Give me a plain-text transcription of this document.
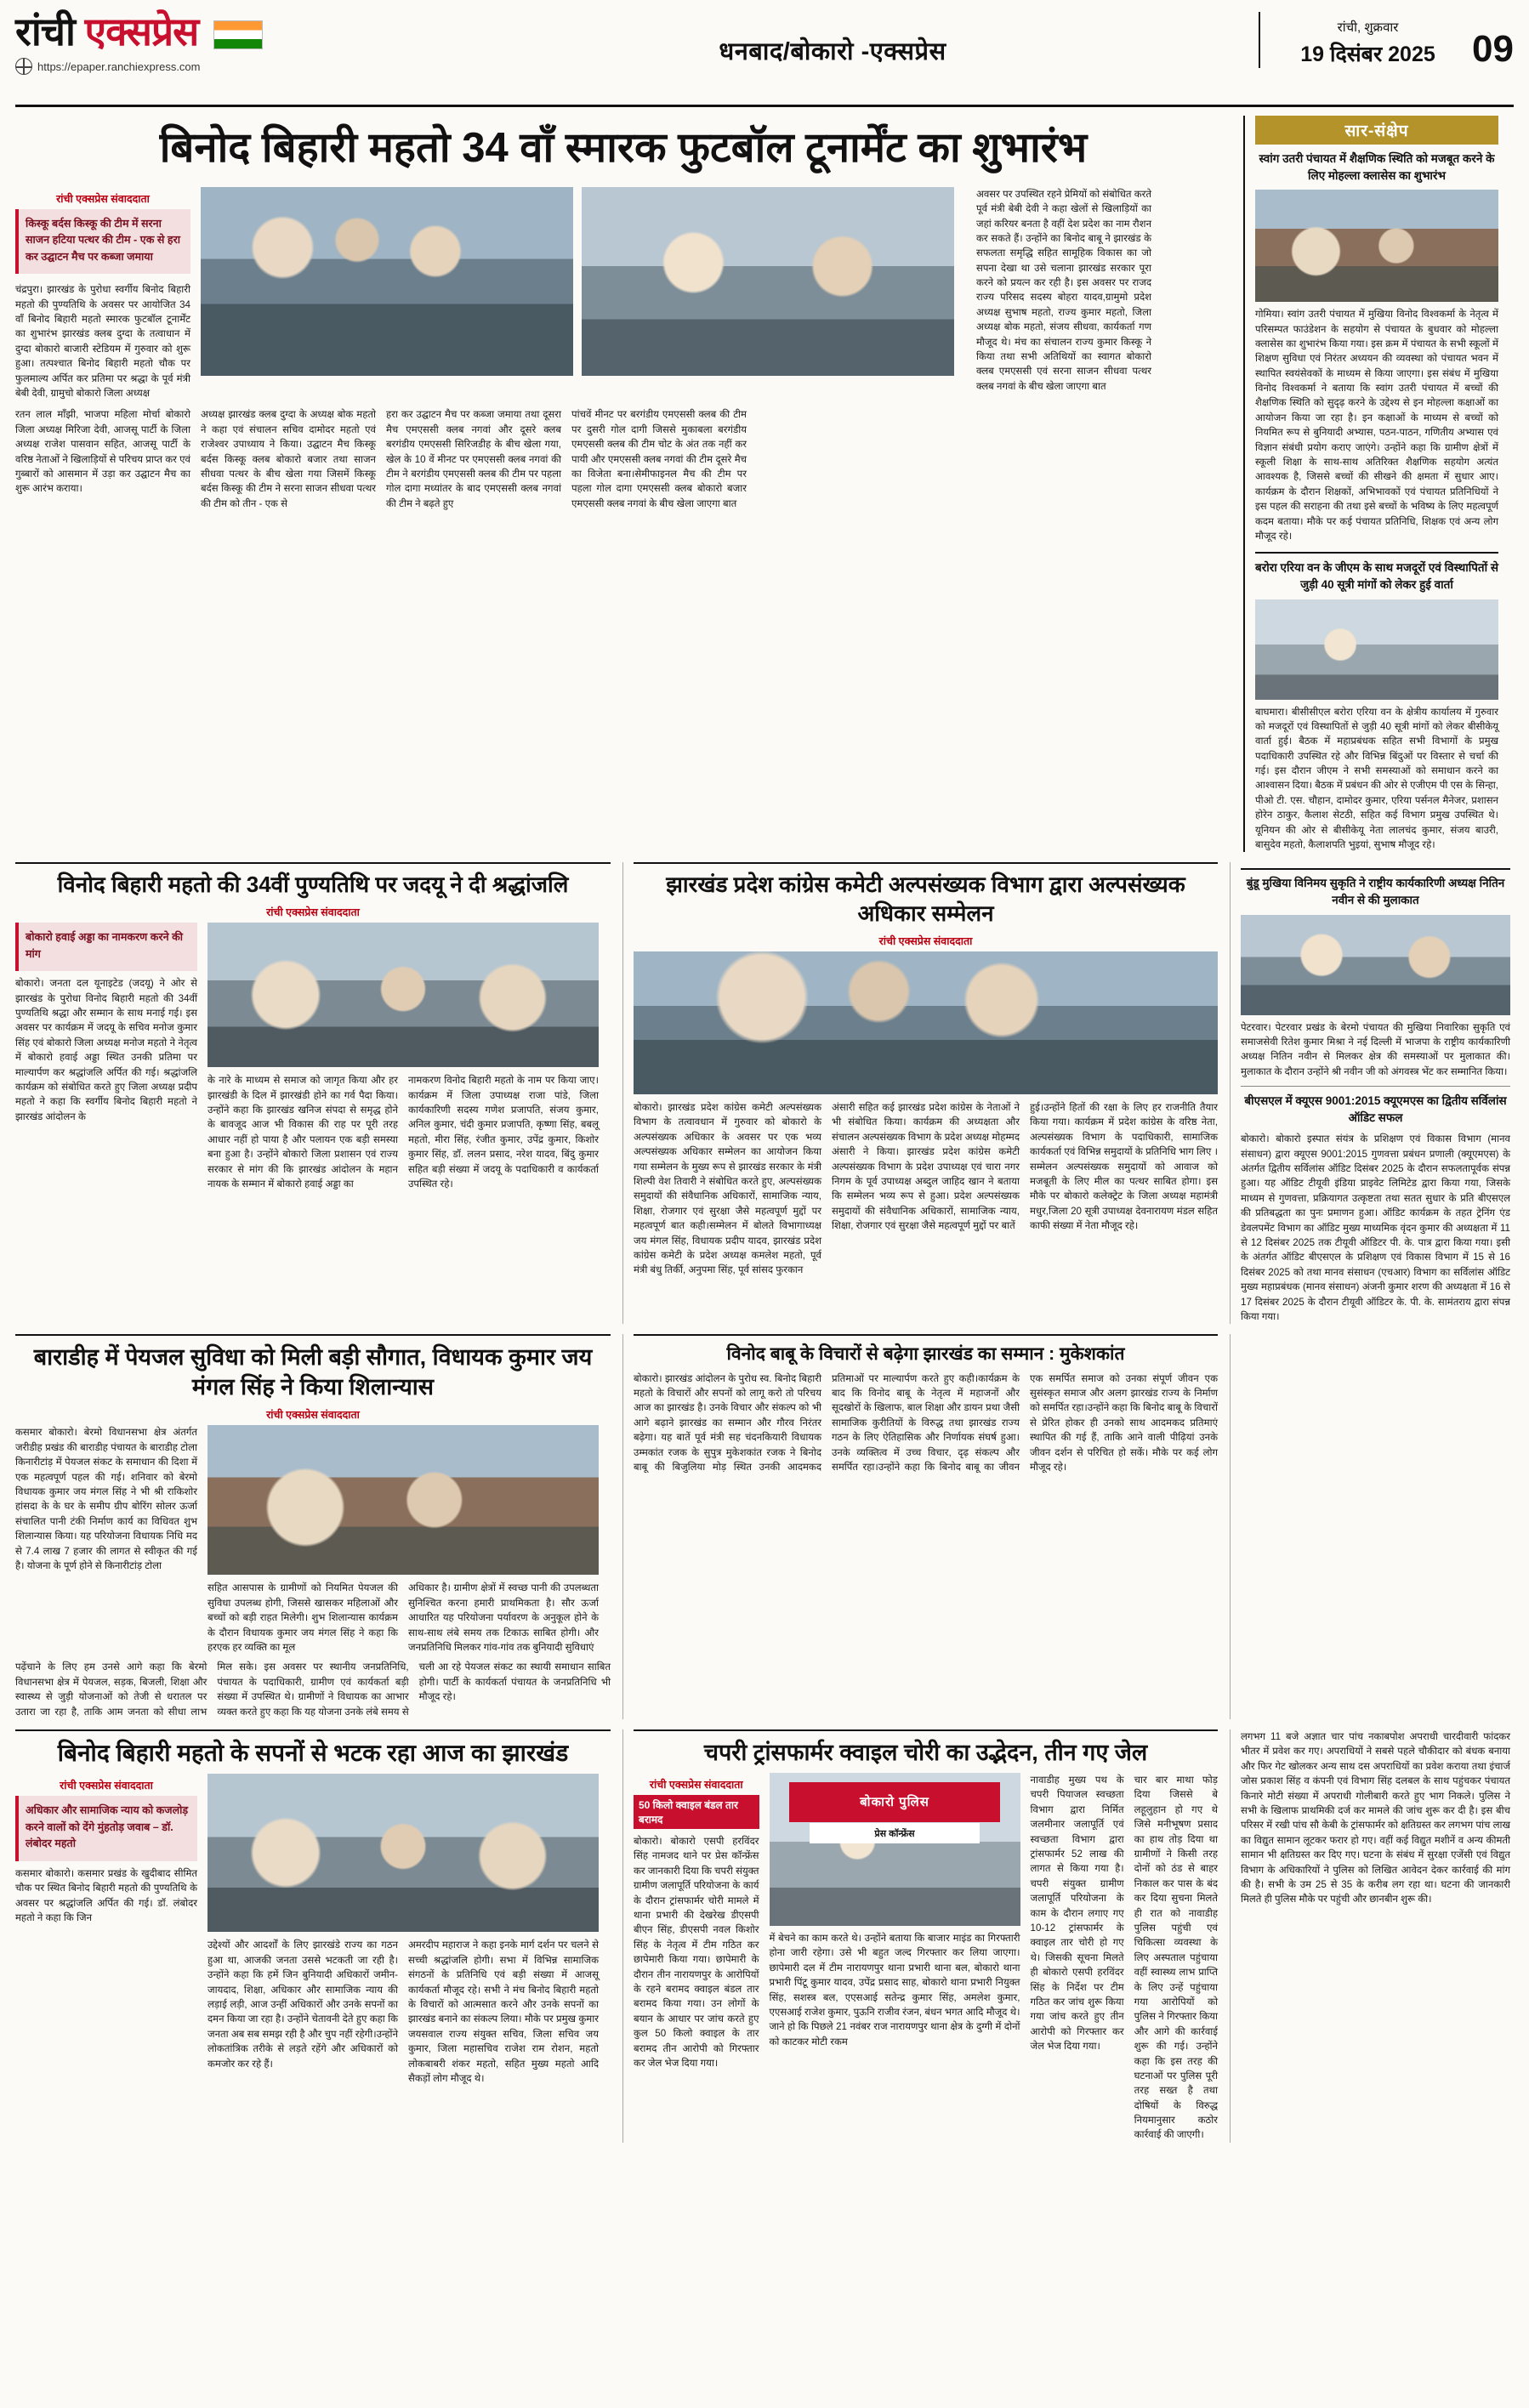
रांची एक्सप्रेस
https://epaper.ranchiexpress.com
धनबाद/बोकारो -एक्सप्रेस
रांची, शुक्रवार
19 दिसंबर 2025 09
बिनोद बिहारी महतो 34 वाँ स्मारक फुटबॉल टूनार्मेंट का शुभारंभ
रांची एक्सप्रेस संवाददाता
किस्कू बर्दस किस्कू की टीम में सरना साजन हटिया पत्थर की टीम - एक से हरा कर उद्घाटन मैच पर कब्जा जमाया
चंद्रपुरा। झारखंड के पुरोधा स्वर्गीय बिनोद बिहारी महतो की पुण्यतिथि के अवसर पर आयोजित 34 वाँ बिनोद बिहारी महतो स्मारक फुटबॉल टूनार्मेंट का शुभारंभ झारखंड क्लब दुग्दा के तत्वाधान में दुग्दा बोकारो बाजारी स्टेडियम में गुरुवार को शुरू हुआ। तत्पश्चात बिनोद बिहारी महतो चौक पर फुलमाल्य अर्पित कर प्रतिमा पर श्रद्धा के पूर्व मंत्री बेबी देवी, ग्रामुचो बोकारो जिला अध्यक्ष
अवसर पर उपस्थित रहने प्रेमियों को संबोधित करते पूर्व मंत्री बेबी देवी ने कहा खेलों से खिलाड़ियों का जहां करियर बनता है वहीं देश प्रदेश का नाम रौशन कर सकते हैं। उन्होंने का बिनोद बाबू ने झारखंड के सफलता समृद्धि सहित सामूहिक विकास का जो सपना देखा था उसे चलाना झारखंड सरकार पूरा करने को प्रयत्न कर रही है। इस अवसर पर राजद राज्य परिसद सदस्य बोहरा यादव,ग्रामुमो प्रदेश अध्यक्ष सुभाष महतो, राज्य कुमार महतो, जिला अध्यक्ष बोक महतो, संजय सीधवा, कार्यकर्ता गण मौजूद थे। मंच का संचालन राज्य कुमार किस्कू ने किया तथा सभी अतिथियों का स्वागत बोकारो क्लब एमएससी एवं सरना साजन सीधवा पत्थर क्लब नगवां के बीच खेला जाएगा बात
रतन लाल माँझी, भाजपा महिला मोर्चा बोकारो जिला अध्यक्ष मिरिजा देवी, आजसू पार्टी के जिला अध्यक्ष राजेश पासवान सहित, आजसू पार्टी के वरिष्ठ नेताओं ने खिलाड़ियों से परिचय प्राप्त कर एवं गुब्बारों को आसमान में उड़ा कर उद्घाटन मैच का शुरू आरंभ कराया।
अध्यक्ष झारखंड क्लब दुग्दा के अध्यक्ष बोक महतो ने कहा एवं संचालन सचिव दामोदर महतो एवं राजेश्वर उपाध्याय ने किया। उद्घाटन मैच किस्कू बर्दस किस्कू क्लब बोकारो बजार तथा साजन सीधवा पत्थर के बीच खेला गया जिसमें किस्कू बर्दस किस्कू की टीम ने सरना साजन सीधवा पत्थर की टीम को तीन - एक से
हरा कर उद्घाटन मैच पर कब्जा जमाया तथा दूसरा मैच एमएससी क्लब नगवां और दूसरे क्लब बरगंडीय एमएससी सिरिजडीह के बीच खेला गया, खेल के 10 वें मीनट पर एमएससी क्लब नगवां की टीम ने बरगंडीय एमएससी क्लब की टीम पर पहला गोल दागा मध्यांतर के बाद एमएससी क्लब नगवां की टीम ने बढ़ते हुए
पांचवें मीनट पर बरगंडीय एमएससी क्लब की टीम पर दुसरी गोल दागी जिससे मुकाबला बरगंडीय एमएससी क्लब की टीम चोट के अंत तक नहीं कर पायी और एमएससी क्लब नगवां की टीम दूसरे मैच का विजेता बना।सेमीफाइनल मैच की टीम पर पहला गोल दागा एमएससी क्लब बोकारो बजार एमएससी क्लब नगवां के बीच खेला जाएगा बात
सार-संक्षेप
स्वांग उतरी पंचायत में शैक्षणिक स्थिति को मजबूत करने के लिए मोहल्ला क्लासेस का शुभारंभ
गोमिया। स्वांग उतरी पंचायत में मुखिया विनोद विश्वकर्मा के नेतृत्व में परिसम्पत फाउंडेशन के सहयोग से पंचायत के बुधवार को मोहल्ला क्लासेस का शुभारंभ किया गया। इस क्रम में पंचायत के सभी स्कूलों में शिक्षण सुविधा एवं निरंतर अध्ययन की व्यवस्था को पंचायत भवन में स्थापित स्वयंसेवकों के माध्यम से किया जाएगा। इस संबंध में मुखिया विनोद विश्वकर्मा ने बताया कि स्वांग उतरी पंचायत में बच्चों की शैक्षणिक स्थिति को सुदृढ़ करने के उद्देश्य से इन मोहल्ला कक्षाओं का आयोजन किया जा रहा है। इन कक्षाओं के माध्यम से बच्चों को नियमित रूप से बुनियादी अभ्यास, पठन-पाठन, गणितीय अभ्यास एवं विज्ञान संबंधी प्रयोग कराए जाएंगे। उन्होंने कहा कि ग्रामीण क्षेत्रों में स्कूली शिक्षा के साथ-साथ अतिरिक्त शैक्षणिक सहयोग अत्यंत आवश्यक है, जिससे बच्चों की सीखने की क्षमता में सुधार आए। कार्यक्रम के दौरान शिक्षकों, अभिभावकों एवं पंचायत प्रतिनिधियों ने इस पहल की सराहना की तथा इसे बच्चों के भविष्य के लिए महत्वपूर्ण कदम बताया। मौके पर कई पंचायत प्रतिनिधि, शिक्षक एवं अन्य लोग मौजूद रहे।
बरोरा एरिया वन के जीएम के साथ मजदूरों एवं विस्थापितों से जुड़ी 40 सूत्री मांगों को लेकर हुई वार्ता
बाघमारा। बीसीसीएल बरोरा एरिया वन के क्षेत्रीय कार्यालय में गुरुवार को मजदूरों एवं विस्थापितों से जुड़ी 40 सूत्री मांगों को लेकर बीसीकेयू वार्ता हुई। बैठक में महाप्रबंधक सहित सभी विभागों के प्रमुख पदाधिकारी उपस्थित रहे और विभिन्न बिंदुओं पर विस्तार से चर्चा की गई। इस दौरान जीएम ने सभी समस्याओं को समाधान करने का आश्वासन दिया। बैठक में प्रबंधन की ओर से एजीएम पी एस के सिन्हा, पीओ टी. एस. चौहान, दामोदर कुमार, एरिया पर्सनल मैनेजर, प्रशासन होरेन ठाकुर, कैलाश सेटठी, सहित कई विभाग प्रमुख उपस्थित थे। यूनियन की ओर से बीसीकेयू नेता लालचंद कुमार, संजय बाउरी, बासुदेव महतो, कैलाशपति भुइयां, सुभाष मौजूद रहे।
विनोद बिहारी महतो की 34वीं पुण्यतिथि पर जदयू ने दी श्रद्धांजलि
रांची एक्सप्रेस संवाददाता
बोकारो हवाई अड्डा का नामकरण करने की मांग
बोकारो। जनता दल यूनाइटेड (जदयू) ने ओर से झारखंड के पुरोधा विनोद बिहारी महतो की 34वीं पुण्यतिथि श्रद्धा और सम्मान के साथ मनाई गई। इस अवसर पर कार्यक्रम में जदयू के सचिव मनोज कुमार सिंह एवं बोकारो जिला अध्यक्ष मनोज महतो ने नेतृत्व में बोकारो हवाई अड्डा स्थित उनकी प्रतिमा पर माल्यार्पण कर श्रद्धांजलि अर्पित की गई। श्रद्धांजलि कार्यक्रम को संबोधित करते हुए जिला अध्यक्ष प्रदीप महतो ने कहा कि स्वर्गीय बिनोद बिहारी महतो ने झारखंड आंदोलन के
के नारे के माध्यम से समाज को जागृत किया और हर झारखंडी के दिल में झारखंडी होने का गर्व पैदा किया। उन्होंने कहा कि झारखंड खनिज संपदा से समृद्ध होने के बावजूद आज भी विकास की राह पर पूरी तरह आधार नहीं हो पाया है और पलायन एक बड़ी समस्या बना हुआ है। उन्होंने बोकारो जिला प्रशासन एवं राज्य सरकार से मांग की कि झारखंड आंदोलन के महान नायक के सम्मान में बोकारो हवाई अड्डा का
नामकरण विनोद बिहारी महतो के नाम पर किया जाए। कार्यक्रम में जिला उपाध्यक्ष राजा पांडे, जिला कार्यकारिणी सदस्य गणेश प्रजापति, संजय कुमार, अनिल कुमार, चंदी कुमार प्रजापति, कृष्णा सिंह, बबलू महतो, मीरा सिंह, रंजीत कुमार, उपेंद्र कुमार, किशोर कुमार सिंह, डॉ. ललन प्रसाद, नरेश यादव, बिंदु कुमार सहित बड़ी संख्या में जदयू के पदाधिकारी व कार्यकर्ता उपस्थित रहे।
झारखंड प्रदेश कांग्रेस कमेटी अल्पसंख्यक विभाग द्वारा अल्पसंख्यक अधिकार सम्मेलन
रांची एक्सप्रेस संवाददाता
बोकारो। झारखंड प्रदेश कांग्रेस कमेटी अल्पसंख्यक विभाग के तत्वावधान में गुरुवार को बोकारो के अल्पसंख्यक अधिकार के अवसर पर एक भव्य अल्पसंख्यक अधिकार सम्मेलन का आयोजन किया गया सम्मेलन के मुख्य रूप से झारखंड सरकार के मंत्री शिल्पी वेश तिवारी ने संबोधित करते हुए, अल्पसंख्यक समुदायों की संवैधानिक अधिकारों, सामाजिक न्याय, शिक्षा, रोजगार एवं सुरक्षा जैसे महत्वपूर्ण मुद्दों पर महत्वपूर्ण बात कही।सम्मेलन में बोलते विभागाध्यक्ष जय मंगल सिंह, विधायक प्रदीप यादव, झारखंड प्रदेश कांग्रेस कमेटी के प्रदेश अध्यक्ष कमलेश महतो, पूर्व मंत्री बंधु तिर्की, अनुपमा सिंह, पूर्व सांसद फुरकान
अंसारी सहित कई झारखंड प्रदेश कांग्रेस के नेताओं ने भी संबोधित किया। कार्यक्रम की अध्यक्षता और संचालन अल्पसंख्यक विभाग के प्रदेश अध्यक्ष मोहम्मद अंसारी ने किया। झारखंड प्रदेश कांग्रेस कमेटी अल्पसंख्यक विभाग के प्रदेश उपाध्यक्ष एवं चारा नगर निगम के पूर्व उपाध्यक्ष अब्दुल जाहिद खान ने बताया कि सम्मेलन भव्य रूप से हुआ। प्रदेश अल्पसंख्यक समुदायों की संवैधानिक अधिकारों, सामाजिक न्याय, शिक्षा, रोजगार एवं सुरक्षा जैसे महत्वपूर्ण मुद्दों पर बातें
हुई।उन्होंने हितों की रक्षा के लिए हर राजनीति तैयार किया गया। कार्यक्रम में प्रदेश कांग्रेस के वरिष्ठ नेता, अल्पसंख्यक विभाग के पदाधिकारी, सामाजिक कार्यकर्ता एवं विभिन्न समुदायों के प्रतिनिधि भाग लिए । सम्मेलन अल्पसंख्यक समुदायों को आवाज को मजबूती के लिए मील का पत्थर साबित होगा। इस मौके पर बोकारो कलेक्ट्रेट के जिला अध्यक्ष महामंत्री मधुर,जिला 20 सूत्री उपाध्यक्ष देवनारायण मंडल सहित काफी संख्या में नेता मौजूद रहे।
बुंडू मुखिया विनिमय सुकृति ने राष्ट्रीय कार्यकारिणी अध्यक्ष नितिन नवीन से की मुलाकात
पेटरवार। पेटरवार प्रखंड के बेरमो पंचायत की मुखिया निवारिका सुकृति एवं समाजसेवी रितेश कुमार मिश्रा ने नई दिल्ली में भाजपा के राष्ट्रीय कार्यकारिणी अध्यक्ष नितिन नवीन से मिलकर क्षेत्र की समस्याओं पर मुलाकात की। मुलाकात के दौरान उन्होंने श्री नवीन जी को अंगवस्त्र भेंट कर सम्मानित किया।
बीएसएल में क्यूएस 9001:2015 क्यूएमएस का द्वितीय सर्विलांस ऑडिट सफल
बोकारो। बोकारो इस्पात संयंत्र के प्रशिक्षण एवं विकास विभाग (मानव संसाधन) द्वारा क्यूएस 9001:2015 गुणवत्ता प्रबंधन प्रणाली (क्यूएमएस) के अंतर्गत द्वितीय सर्विलांस ऑडिट दिसंबर 2025 के दौरान सफलतापूर्वक संपन्न हुआ। यह ऑडिट टीयूवी इंडिया प्राइवेट लिमिटेड द्वारा किया गया, जिसके माध्यम से गुणवत्ता, प्रक्रियागत उत्कृष्टता तथा सतत सुधार के प्रति बीएसएल की प्रतिबद्धता का पुनः प्रमाणन हुआ। ऑडिट कार्यक्रम के तहत ट्रेनिंग एंड डेवलपमेंट विभाग का ऑडिट मुख्य माध्यमिक वृंदन कुमार की अध्यक्षता में 11 से 12 दिसंबर 2025 तक टीयूवी ऑडिटर पी. के. पात्र द्वारा किया गया। इसी के अंतर्गत ऑडिट बीएसएल के प्रशिक्षण एवं विकास विभाग में 15 से 16 दिसंबर 2025 को तथा मानव संसाधन (एचआर) विभाग का सर्विलांस ऑडिट मुख्य महाप्रबंधक (मानव संसाधन) अंजनी कुमार शरण की अध्यक्षता में 16 से 17 दिसंबर 2025 के दौरान टीयूवी ऑडिटर के. पी. के. सामंतराय द्वारा संपन्न किया गया।
बाराडीह में पेयजल सुविधा को मिली बड़ी सौगात, विधायक कुमार जय मंगल सिंह ने किया शिलान्यास
रांची एक्सप्रेस संवाददाता
कसमार बोकारो। बेरमो विधानसभा क्षेत्र अंतर्गत जरीडीह प्रखंड की बाराडीह पंचायत के बाराडीह टोला किनारीटांड़ में पेयजल संकट के समाधान की दिशा में एक महत्वपूर्ण पहल की गई। शनिवार को बेरमो विधायक कुमार जय मंगल सिंह ने भी श्री राकिशोर हांसदा के के घर के समीप ग्रीप बोरिंग सोलर ऊर्जा संचालित पानी टंकी निर्माण कार्य का विधिवत शुभ शिलान्यास किया। यह परियोजना विधायक निधि मद से 7.4 लाख 7 हजार की लागत से स्वीकृत की गई है। योजना के पूर्ण होने से किनारीटांड़ टोला
सहित आसपास के ग्रामीणों को नियमित पेयजल की सुविधा उपलब्ध होगी, जिससे खासकर महिलाओं और बच्चों को बड़ी राहत मिलेगी। शुभ शिलान्यास कार्यक्रम के दौरान विधायक कुमार जय मंगल सिंह ने कहा कि हरएक हर व्यक्ति का मूल
अधिकार है। ग्रामीण क्षेत्रों में स्वच्छ पानी की उपलब्धता सुनिश्चित करना हमारी प्राथमिकता है। सौर ऊर्जा आधारित यह परियोजना पर्यावरण के अनुकूल होने के साथ-साथ लंबे समय तक टिकाऊ साबित होगी। और जनप्रतिनिधि मिलकर गांव-गांव तक बुनियादी सुविधाएं
पढ़ेंचाने के लिए हम उनसे आगे कहा कि बेरमो विधानसभा क्षेत्र में पेयजल, सड़क, बिजली, शिक्षा और स्वास्थ्य से जुड़ी योजनाओं को तेजी से धरातल पर उतारा जा रहा है, ताकि आम जनता को सीधा लाभ मिल सके। इस अवसर पर स्थानीय जनप्रतिनिधि, पंचायत के पदाधिकारी, ग्रामीण एवं कार्यकर्ता बड़ी संख्या में उपस्थित थे। ग्रामीणों ने विधायक का आभार व्यक्त करते हुए कहा कि यह योजना उनके लंबे समय से चली आ रहे पेयजल संकट का स्थायी समाधान साबित होगी। पार्टी के कार्यकर्ता पंचायत के जनप्रतिनिधि भी मौजूद रहे।
विनोद बाबू के विचारों से बढ़ेगा झारखंड का सम्मान : मुकेशकांत
बोकारो। झारखंड आंदोलन के पुरोध स्व. बिनोद बिहारी महतो के विचारों और सपनों को लागू करो तो परिचय आज का झारखंड है। उनके विचार और संकल्प को भी आगे बढ़ाने झारखंड का सम्मान और गौरव निरंतर बढ़ेगा। यह बातें पूर्व मंत्री सह चंदनकियारी विधायक उम्मकांत रजक के सुपुत्र मुकेशकांत रजक ने बिनोद बाबू की बिजुलिया मोड़ स्थित उनकी आदमकद प्रतिमाओं पर माल्यार्पण करते हुए कही।कार्यक्रम के बाद कि विनोद बाबू के नेतृत्व में महाजनों और सूदखोरों के खिलाफ, बाल शिक्षा और डायन प्रथा जैसी सामाजिक कुरीतियों के विरुद्ध तथा झारखंड राज्य गठन के लिए ऐतिहासिक और निर्णायक संघर्ष हुआ। उनके व्यक्तित्व में उच्च विचार, दृढ़ संकल्प और समर्पित रहा।उन्होंने कहा कि बिनोद बाबू का जीवन एक समर्पित समाज को उनका संपूर्ण जीवन एक सुसंस्कृत समाज और अलग झारखंड राज्य के निर्माण को समर्पित रहा।उन्होंने कहा कि बिनोद बाबू के विचारों से प्रेरित होकर ही उनको साथ आदमकद प्रतिमाएं स्थापित की गई हैं, ताकि आने वाली पीढ़ियां उनके जीवन दर्शन से परिचित हो सकें। मौके पर कई लोग मौजूद रहे।
बिनोद बिहारी महतो के सपनों से भटक रहा आज का झारखंड
रांची एक्सप्रेस संवाददाता
अधिकार और सामाजिक न्याय को कजलोड़ करने वालों को देंगे मुंहतोड़ जवाब – डॉ. लंबोदर महतो
कसमार बोकारो। कसमार प्रखंड के खुदीबाद सीमित चौक पर स्थित बिनोद बिहारी महतो की पुण्यतिथि के अवसर पर श्रद्धांजलि अर्पित की गई। डॉ. लंबोदर महतो ने कहा कि जिन
उद्देश्यों और आदर्शों के लिए झारखंडे राज्य का गठन हुआ था, आजकी जनता उससे भटकती जा रही है। उन्होंने कहा कि हमें जिन बुनियादी अधिकारों जमीन-जायदाद, शिक्षा, अधिकार और सामाजिक न्याय की लड़ाई लड़ी, आज उन्हीं अधिकारों और उनके सपनों का दमन किया जा रहा है। उन्होंने चेतावनी देते हुए कहा कि जनता अब सब समझ रही है और चुप नहीं रहेगी।उन्होंने लोकतांत्रिक तरीके से लड़ते रहेंगे और अधिकारों को कमजोर कर रहे हैं।
अमरदीप महाराज ने कहा इनके मार्ग दर्शन पर चलने से सच्ची श्रद्धांजलि होगी। सभा में विभिन्न सामाजिक संगठनों के प्रतिनिधि एवं बड़ी संख्या में आजसू कार्यकर्ता मौजूद रहे। सभी ने मंच बिनोद बिहारी महतो के विचारों को आत्मसात करने और उनके सपनों का झारखंड बनाने का संकल्प लिया। मौके पर प्रमुख कुमार जयसवाल राज्य संयुक्त सचिव, जिला सचिव जय कुमार, जिला महासचिव राजेश राम रोशन, महतो लोकबाबरी शंकर महतो, सहित मुख्य महतो आदि सैकड़ों लोग मौजूद थे।
चपरी ट्रांसफार्मर क्वाइल चोरी का उद्भेदन, तीन गए जेल
रांची एक्सप्रेस संवाददाता
50 किलो क्वाइल बंडल तार बरामद
बोकारो। बोकारो एसपी हरविंदर सिंह नामजद थाने पर प्रेस कॉन्फ्रेंस कर जानकारी दिया कि चपरी संयुक्त ग्रामीण जलापूर्ति परियोजना के कार्य के दौरान ट्रांसफार्मर चोरी मामले में थाना प्रभारी की देखरेख डीएसपी बीएन सिंह, डीएसपी नवल किशोर सिंह के नेतृत्व में टीम गठित कर छापेमारी किया गया। छापेमारी के दौरान तीन नारायणपुर के आरोपियों के रहने बरामद क्वाइल बंडल तार बरामद किया गया। उन लोगों के बयान के आधार पर जांच करते हुए कुल 50 किलो क्वाइल के तार बरामद तीन आरोपी को गिरफ्तार कर जेल भेज दिया गया।
बोकारो पुलिस
प्रेस कॉन्फ्रेंस
में बेचने का काम करते थे। उन्होंने बताया कि बाजार माइंड का गिरफ्तारी होना जारी रहेगा। उसे भी बहुत जल्द गिरफ्तार कर लिया जाएगा। छापेमारी दल में टीम नारायणपुर थाना प्रभारी थाना बल, बोकारो थाना प्रभारी पिंटू कुमार यादव, उपेंद्र प्रसाद साह, बोकारो थाना प्रभारी नियुक्त सिंह, सशस्त्र बल, एएसआई सतेन्द्र कुमार सिंह, अमलेश कुमार, एएसआई राजेश कुमार, पुऊनि राजीव रंजन, बंधन भगत आदि मौजूद थे। जाने हो कि पिछले 21 नवंबर राज नारायणपुर थाना क्षेत्र के दुग्गी में दोनों को काटकर मोटी रकम
नावाडीह मुख्य पथ के चपरी पियाजल स्वच्छता विभाग द्वारा निर्मित जलमीनार जलापूर्ति एवं स्वच्छता विभाग द्वारा ट्रांसफार्मर 52 लाख की लागत से किया गया है। चपरी संयुक्त ग्रामीण जलापूर्ति परियोजना के काम के दौरान लगाए गए 10-12 ट्रांसफार्मर के क्वाइल तार चोरी हो गए थे। जिसकी सूचना मिलते ही बोकारो एसपी हरविंदर सिंह के निर्देश पर टीम गठित कर जांच शुरू किया गया जांच करते हुए तीन आरोपी को गिरफ्तार कर जेल भेज दिया गया।
चार बार माथा फोड़ दिया जिससे बे लहूलुहान हो गए थे जिसे मनीभूषण प्रसाद का हाथ तोड़ दिया था ग्रामीणों ने किसी तरह दोनों को ठंड से बाहर निकाल कर पास के बंद कर दिया सुचना मिलते ही रात को नावाडीह पुलिस पहुंची एवं चिकित्सा व्यवस्था के लिए अस्पताल पहुंचाया वहीं स्वास्थ्य लाभ प्राप्ति के लिए उन्हें पहुंचाया गया आरोपियों को पुलिस ने गिरफ्तार किया और आगे की कार्रवाई शुरू की गई। उन्होंने कहा कि इस तरह की घटनाओं पर पुलिस पूरी तरह सख्त है तथा दोषियों के विरुद्ध नियमानुसार कठोर कार्रवाई की जाएगी।
लगभग 11 बजे अज्ञात चार पांच नकाबपोश अपराधी चारदीवारी फांदकर भीतर में प्रवेश कर गए। अपराधियों ने सबसे पहले चौकीदार को बंधक बनाया और फिर गेट खोलकर अन्य साथ दस अपराधियों का प्रवेश कराया तथा इंचार्ज जोस प्रकाश सिंह व कंपनी एवं विभाग सिंह दलबल के साथ पहुंचकर पंचायत किनारे मोटी संख्या में अपराधी गोलीबारी करते हुए भाग निकले। पुलिस ने सभी के खिलाफ प्राथमिकी दर्ज कर मामले की जांच शुरू कर दी है। इस बीच परिसर में रखी पांच सौ केबी के ट्रांसफार्मर को क्षतिग्रस्त कर लगभग पांच लाख का विद्युत सामान लूटकर फरार हो गए। वहीं कई विद्युत मशीनें व अन्य कीमती सामान भी क्षतिग्रस्त कर दिए गए। घटना के संबंध में सुरक्षा एजेंसी एवं विद्युत विभाग के अधिकारियों ने पुलिस को लिखित आवेदन देकर कार्रवाई की मांग की है। सभी के उम 25 से 35 के करीब लग रहा था। घटना की जानकारी मिलते ही पुलिस मौके पर पहुंची और छानबीन शुरू की।
